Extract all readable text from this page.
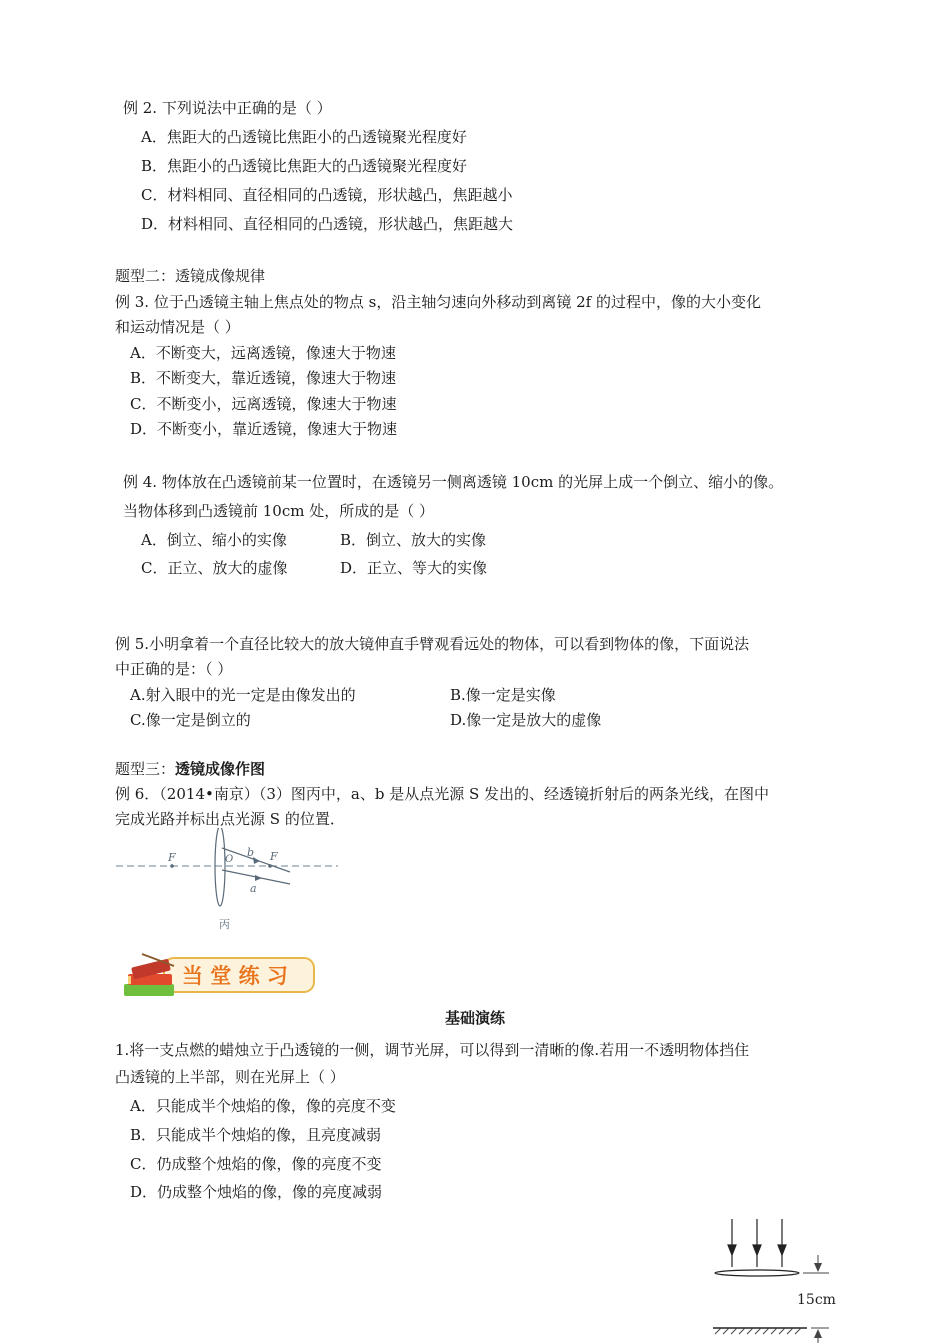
例 2. 下列说法中正确的是（ ）
A．焦距大的凸透镜比焦距小的凸透镜聚光程度好
B．焦距小的凸透镜比焦距大的凸透镜聚光程度好
C．材料相同、直径相同的凸透镜，形状越凸，焦距越小
D．材料相同、直径相同的凸透镜，形状越凸，焦距越大
题型二：透镜成像规律
例 3. 位于凸透镜主轴上焦点处的物点 s，沿主轴匀速向外移动到离镜 2f 的过程中，像的大小变化
和运动情况是（ ）
A．不断变大，远离透镜，像速大于物速
B．不断变大，靠近透镜，像速大于物速
C．不断变小，远离透镜，像速大于物速
D．不断变小，靠近透镜，像速大于物速
例 4. 物体放在凸透镜前某一位置时，在透镜另一侧离透镜 10cm 的光屏上成一个倒立、缩小的像。
当物体移到凸透镜前 10cm 处，所成的是（ ）
A．倒立、缩小的实像	B．倒立、放大的实像
C．正立、放大的虚像	D．正立、等大的实像
例 5.小明拿着一个直径比较大的放大镜伸直手臂观看远处的物体，可以看到物体的像，下面说法
中正确的是：（ ）
A.射入眼中的光一定是由像发出的	B.像一定是实像
C.像一定是倒立的	D.像一定是放大的虚像
题型三：透镜成像作图
例 6．（2014•南京）（3）图丙中，a、b 是从点光源 S 发出的、经透镜折射后的两条光线，在图中
完成光路并标出点光源 S 的位置．
F	O	F
b
a
丙
当 堂 练 习
基础演练
1.将一支点燃的蜡烛立于凸透镜的一侧，调节光屏，可以得到一清晰的像.若用一不透明物体挡住
凸透镜的上半部，则在光屏上（ ）
A．只能成半个烛焰的像，像的亮度不变
B．只能成半个烛焰的像，且亮度减弱
C．仍成整个烛焰的像，像的亮度不变
D．仍成整个烛焰的像，像的亮度减弱
15cm
